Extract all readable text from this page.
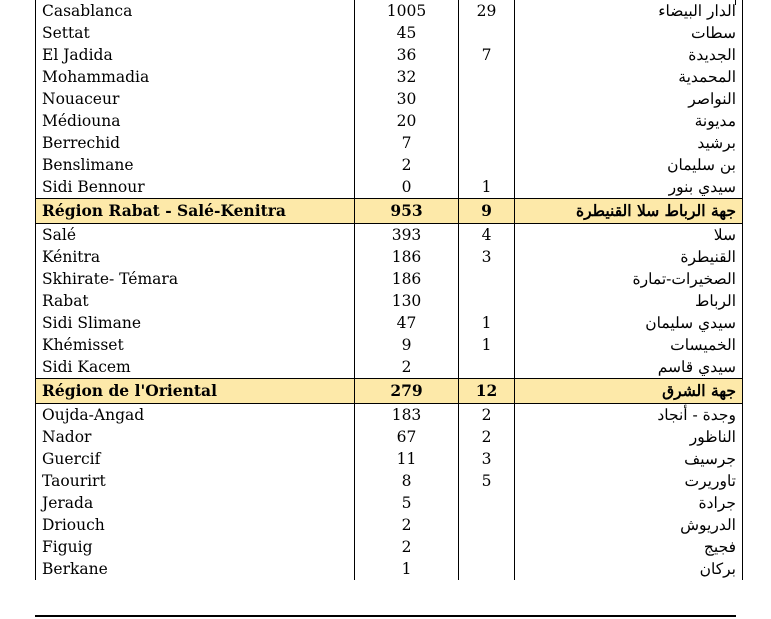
Casablanca	1005	29	الدار البيضاء
Settat	45		سطات
El Jadida	36	7	الجديدة
Mohammadia	32		المحمدية
Nouaceur	30		النواصر
Médiouna	20		مديونة
Berrechid	7		برشيد
Benslimane	2		بن سليمان
Sidi Bennour	0	1	سيدي بنور
Région Rabat - Salé-Kenitra	953	9	جهة الرباط سلا القنيطرة
Salé	393	4	سلا
Kénitra	186	3	القنيطرة
Skhirate- Témara	186		الصخيرات-تمارة
Rabat	130		الرباط
Sidi Slimane	47	1	سيدي سليمان
Khémisset	9	1	الخميسات
Sidi Kacem	2		سيدي قاسم
Région de l'Oriental	279	12	جهة الشرق
Oujda-Angad	183	2	وجدة - أنجاد
Nador	67	2	الناظور
Guercif	11	3	جرسيف
Taourirt	8	5	تاوريرت
Jerada	5		جرادة
Driouch	2		الدريوش
Figuig	2		فجيج
Berkane	1		بركان
